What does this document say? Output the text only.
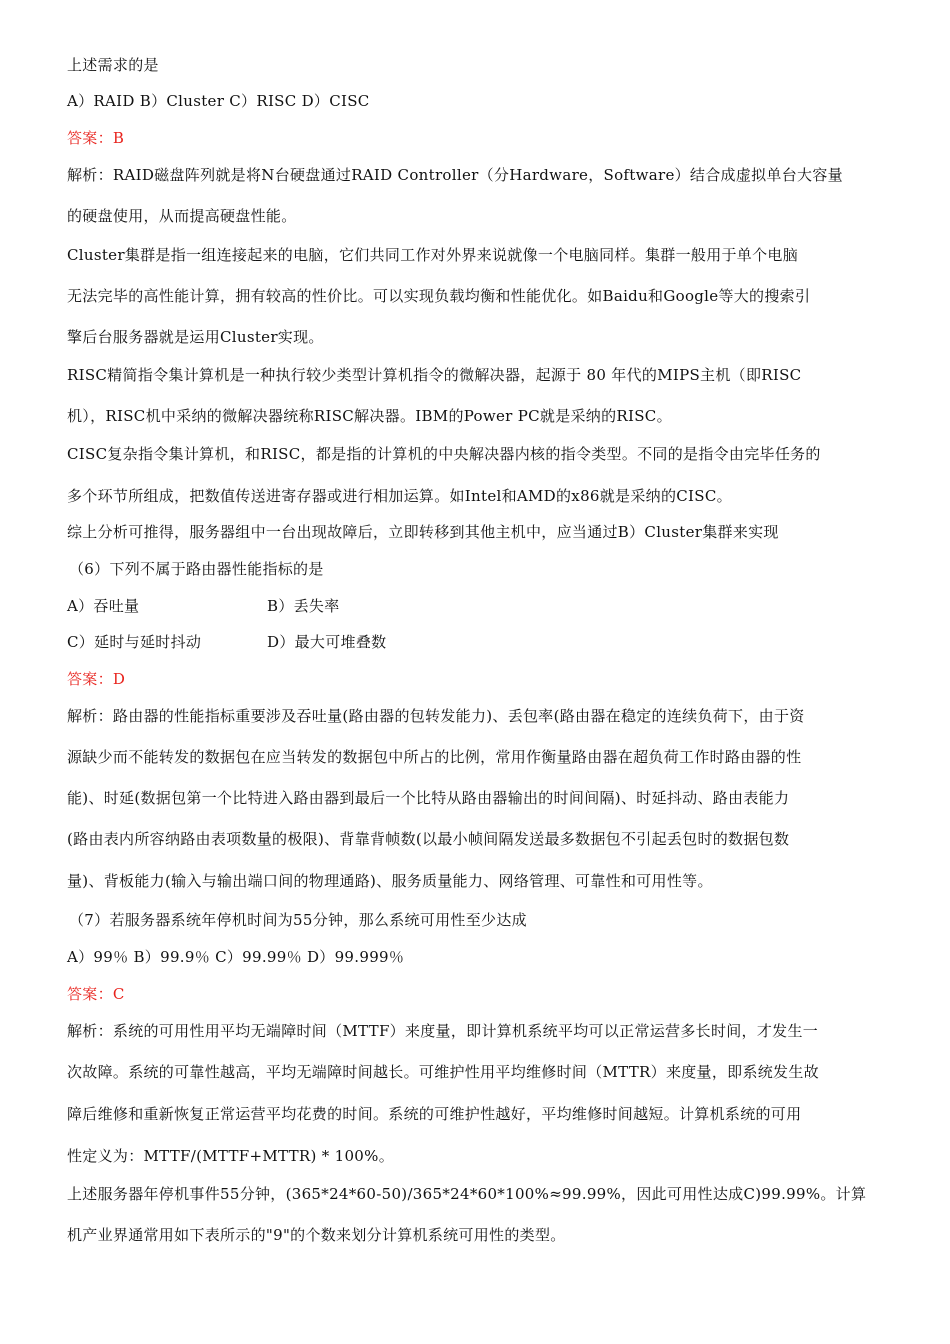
上述需求的是
A）RAID B）Cluster C）RISC D）CISC
答案：B
解析：RAID磁盘阵列就是将N台硬盘通过RAID Controller（分Hardware，Software）结合成虚拟单台大容量
的硬盘使用，从而提高硬盘性能。
Cluster集群是指一组连接起来的电脑，它们共同工作对外界来说就像一个电脑同样。集群一般用于单个电脑
无法完毕的高性能计算，拥有较高的性价比。可以实现负载均衡和性能优化。如Baidu和Google等大的搜索引
擎后台服务器就是运用Cluster实现。
RISC精简指令集计算机是一种执行较少类型计算机指令的微解决器，起源于 80 年代的MIPS主机（即RISC
机），RISC机中采纳的微解决器统称RISC解决器。IBM的Power PC就是采纳的RISC。
CISC复杂指令集计算机，和RISC，都是指的计算机的中央解决器内核的指令类型。不同的是指令由完毕任务的
多个环节所组成，把数值传送进寄存器或进行相加运算。如Intel和AMD的x86就是采纳的CISC。
综上分析可推得，服务器组中一台出现故障后，立即转移到其他主机中，应当通过B）Cluster集群来实现
（6）下列不属于路由器性能指标的是
A）吞吐量	B）丢失率
C）延时与延时抖动	D）最大可堆叠数
答案：D
解析：路由器的性能指标重要涉及吞吐量(路由器的包转发能力)、丢包率(路由器在稳定的连续负荷下，由于资
源缺少而不能转发的数据包在应当转发的数据包中所占的比例，常用作衡量路由器在超负荷工作时路由器的性
能)、时延(数据包第一个比特进入路由器到最后一个比特从路由器输出的时间间隔)、时延抖动、路由表能力
(路由表内所容纳路由表项数量的极限)、背靠背帧数(以最小帧间隔发送最多数据包不引起丢包时的数据包数
量)、背板能力(输入与输出端口间的物理通路)、服务质量能力、网络管理、可靠性和可用性等。
（7）若服务器系统年停机时间为55分钟，那么系统可用性至少达成
A）99％ B）99.9％ C）99.99％ D）99.999％
答案：C
解析：系统的可用性用平均无端障时间（MTTF）来度量，即计算机系统平均可以正常运营多长时间，才发生一
次故障。系统的可靠性越高，平均无端障时间越长。可维护性用平均维修时间（MTTR）来度量，即系统发生故
障后维修和重新恢复正常运营平均花费的时间。系统的可维护性越好，平均维修时间越短。计算机系统的可用
性定义为：MTTF/(MTTF+MTTR) * 100%。
上述服务器年停机事件55分钟，(365*24*60-50)/365*24*60*100%≈99.99%，因此可用性达成C)99.99%。计算
机产业界通常用如下表所示的"9"的个数来划分计算机系统可用性的类型。
